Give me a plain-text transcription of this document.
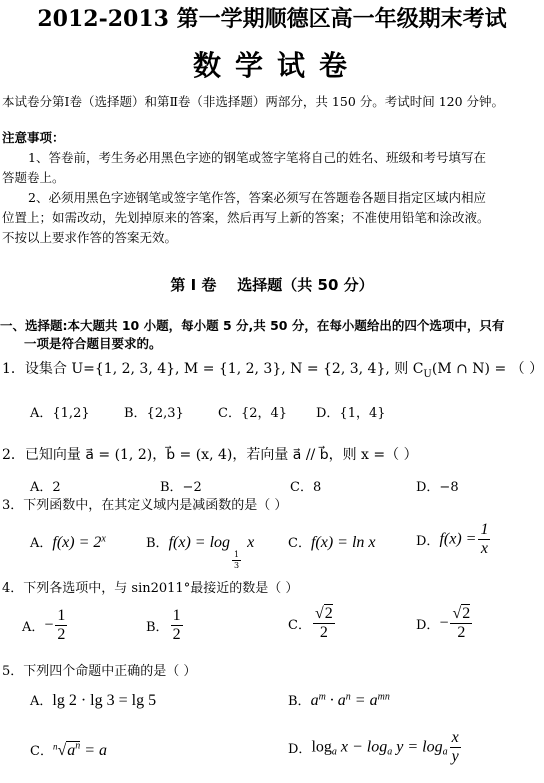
2012-2013 第一学期顺德区高一年级期末考试
数学试卷
本试卷分第Ⅰ卷（选择题）和第Ⅱ卷（非选择题）两部分，共 150 分。考试时间 120 分钟。
注意事项：
1、答卷前，考生务必用黑色字迹的钢笔或签字笔将自己的姓名、班级和考号填写在
答题卷上。
2、必须用黑色字迹钢笔或签字笔作答，答案必须写在答题卷各题目指定区域内相应
位置上；如需改动，先划掉原来的答案，然后再写上新的答案；不准使用铅笔和涂改液。
不按以上要求作答的答案无效。
第 Ⅰ 卷    选择题（共 50 分）
一、选择题:本大题共 10 小题，每小题 5 分,共 50 分，在每小题给出的四个选项中，只有
一项是符合题目要求的。
1．设集合 U={1, 2, 3, 4}, M = {1, 2, 3}, N = {2, 3, 4}, 则 $C_U(M$ ∩ N) = （ ）
A．{1,2}	B．{2,3}	C．{2，4} D．{1，4}
2．已知向量 a⃗ = (1, 2)，b⃗ = (x, 4)，若向量 a⃗ // b⃗，则 x =（ ）
A．2	B．−2	C．8	D．−8
3．下列函数中，在其定义域内是减函数的是（ ）
A．$f(x) = 2^x$	B．f(x) = log
$\frac{1}{3}$
x	C．f(x) = ln x	D．$f(x) = \frac{1}{x}$
4．下列各选项中，与 sin2011°最接近的数是（ ）
A．− $\frac{1}{2}$	B． $\frac{1}{2}$	C． $\frac{√2}{2}$	D．− $\frac{√2}{2}$
5．下列四个命题中正确的是（ ）
A．lg 2 · lg 3 = lg 5	B．$a^m \cdot a^n = a^{mn}$
C．$^n√a^n = a$	D．$\log_a x - \log_a y = \log_a \frac{x}{y}$
